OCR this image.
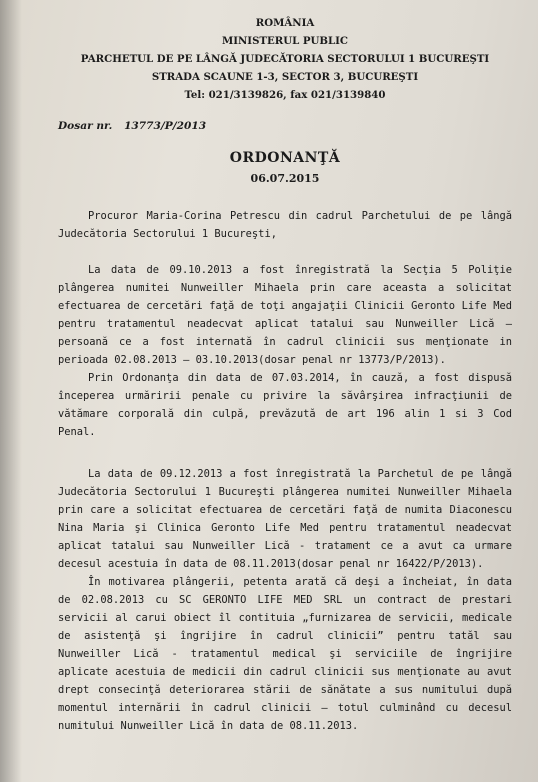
ROMÂNIA
MINISTERUL PUBLIC
PARCHETUL DE PE LÂNGĂ JUDECĂTORIA SECTORULUI 1 BUCUREŞTI
STRADA SCAUNE 1-3, SECTOR 3, BUCUREŞTI
Tel: 021/3139826, fax 021/3139840
Dosar nr. 13773/P/2013
ORDONANŢĂ
06.07.2015

Procuror Maria-Corina Petrescu din cadrul Parchetului de pe lângă Judecătoria Sectorului 1 Bucureşti,

La data de 09.10.2013 a fost înregistrată la Secţia 5 Poliţie plângerea numitei Nunweiller Mihaela prin care aceasta a solicitat efectuarea de cercetări faţă de toţi angajaţii Clinicii Geronto Life Med pentru tratamentul neadecvat aplicat tatalui sau Nunweiller Lică – persoană ce a fost internată în cadrul clinicii sus menţionate in perioada 02.08.2013 – 03.10.2013(dosar penal nr 13773/P/2013).

Prin Ordonanţa din data de 07.03.2014, în cauză, a fost dispusă începerea urmăririi penale cu privire la săvârşirea infracţiunii de vătămare corporală din culpă, prevăzută de art 196 alin 1 si 3 Cod Penal.

La data de 09.12.2013 a fost înregistrată la Parchetul de pe lângă Judecătoria Sectorului 1 Bucureşti plângerea numitei Nunweiller Mihaela prin care a solicitat efectuarea de cercetări faţă de numita Diaconescu Nina Maria şi Clinica Geronto Life Med pentru tratamentul neadecvat aplicat tatalui sau Nunweiller Lică - tratament ce a avut ca urmare decesul acestuia în data de 08.11.2013(dosar penal nr 16422/P/2013).

În motivarea plângerii, petenta arată că deşi a încheiat, în data de 02.08.2013 cu SC GERONTO LIFE MED SRL un contract de prestari servicii al carui obiect îl contituia „furnizarea de servicii, medicale de asistenţă şi îngrijire în cadrul clinicii” pentru tatăl sau Nunweiller Lică - tratamentul medical şi serviciile de îngrijire aplicate acestuia de medicii din cadrul clinicii sus menţionate au avut drept consecinţă deteriorarea stării de sănătate a sus numitului după momentul internării în cadrul clinicii – totul culminând cu decesul numitului Nunweiller Lică în data de 08.11.2013.
